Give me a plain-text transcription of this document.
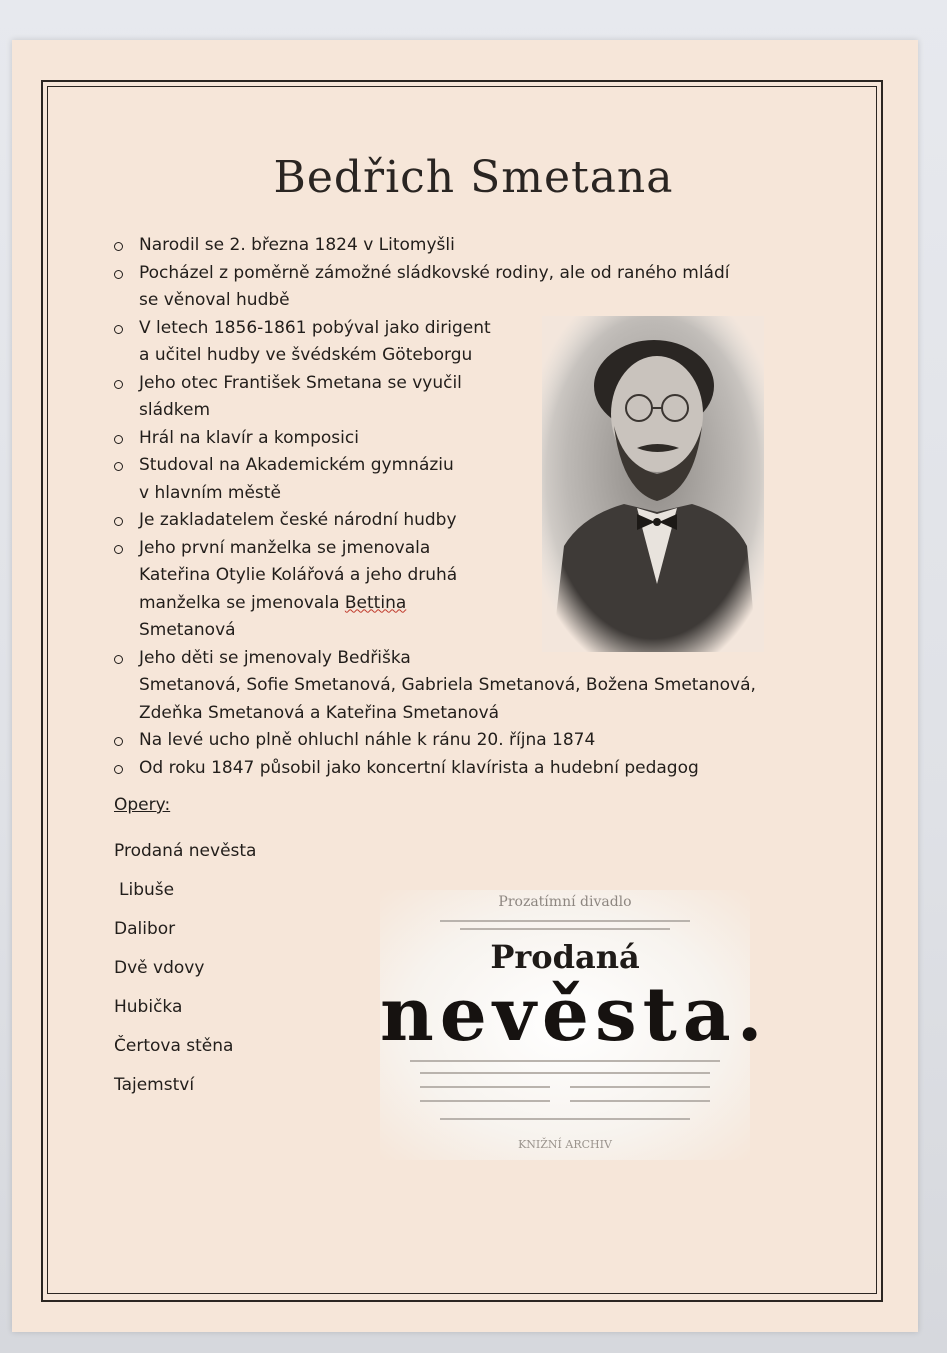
Bedřich Smetana
Narodil se 2. března 1824 v Litomyšli
Pocházel z poměrně zámožné sládkovské rodiny, ale od raného mládí
se věnoval hudbě
V letech 1856-1861 pobýval jako dirigent
a učitel hudby ve švédském Göteborgu
Jeho otec František Smetana se vyučil
sládkem
Hrál na klavír a komposici
Studoval na Akademickém gymnáziu
v hlavním městě
Je zakladatelem české národní hudby
Jeho první manželka se jmenovala
Kateřina Otylie Kolářová a jeho druhá
manželka se jmenovala Bettina
Smetanová
Jeho děti se jmenovaly Bedřiška
Smetanová, Sofie Smetanová, Gabriela Smetanová, Božena Smetanová,
Zdeňka Smetanová a Kateřina Smetanová
Na levé ucho plně ohluchl náhle k ránu 20. října 1874
Od roku 1847 působil jako koncertní klavírista a hudební pedagog

Opery:

Prodaná nevěsta
Libuše
Dalibor
Dvě vdovy
Hubička
Čertova stěna
Tajemství
Prozatímní divadlo
Prodaná
nevěsta.
KNIŽNÍ ARCHIV
